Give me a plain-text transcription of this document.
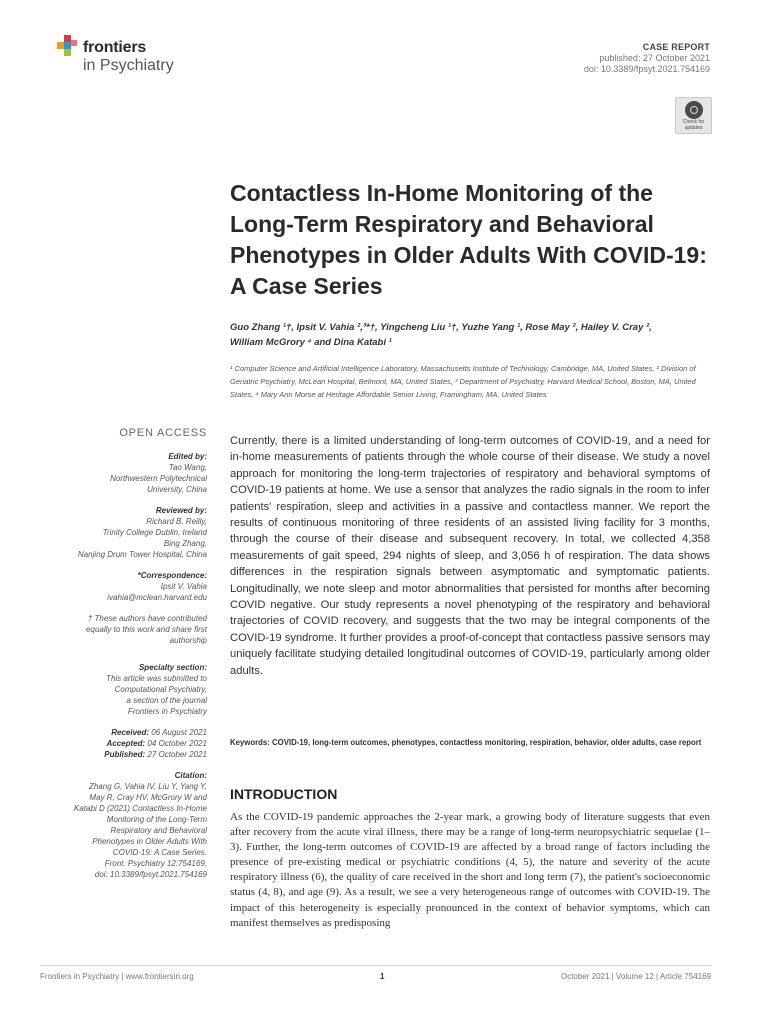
frontiers
in Psychiatry
CASE REPORT
published: 27 October 2021
doi: 10.3389/fpsyt.2021.754169
Check for
updates
Contactless In-Home Monitoring of the Long-Term Respiratory and Behavioral Phenotypes in Older Adults With COVID-19: A Case Series
Guo Zhang ¹†, Ipsit V. Vahia ²,³*†, Yingcheng Liu ¹†, Yuzhe Yang ¹, Rose May ², Hailey V. Cray ²,
William McGrory ⁴ and Dina Katabi ¹
¹ Computer Science and Artificial Intelligence Laboratory, Massachusetts Institute of Technology, Cambridge, MA, United States, ² Division of Geriatric Psychiatry, McLean Hospital, Belmont, MA, United States, ³ Department of Psychiatry, Harvard Medical School, Boston, MA, United States, ⁴ Mary Ann Morse at Heritage Affordable Senior Living, Framingham, MA, United States
OPEN ACCESS
Edited by:
Tao Wang,
Northwestern Polytechnical
University, China
Reviewed by:
Richard B. Reilly,
Trinity College Dublin, Ireland
Bing Zhang,
Nanjing Drum Tower Hospital, China
*Correspondence:
Ipsit V. Vahia
ivahia@mclean.harvard.edu
† These authors have contributed
equally to this work and share first
authorship
Specialty section:
This article was submitted to
Computational Psychiatry,
a section of the journal
Frontiers in Psychiatry
Received: 06 August 2021
Accepted: 04 October 2021
Published: 27 October 2021
Citation:
Zhang G, Vahia IV, Liu Y, Yang Y,
May R, Cray HV, McGrory W and
Katabi D (2021) Contactless In-Home
Monitoring of the Long-Term
Respiratory and Behavioral
Phenotypes in Older Adults With
COVID-19: A Case Series.
Front. Psychiatry 12:754169.
doi: 10.3389/fpsyt.2021.754169

Currently, there is a limited understanding of long-term outcomes of COVID-19, and a need for in-home measurements of patients through the whole course of their disease. We study a novel approach for monitoring the long-term trajectories of respiratory and behavioral symptoms of COVID-19 patients at home. We use a sensor that analyzes the radio signals in the room to infer patients' respiration, sleep and activities in a passive and contactless manner. We report the results of continuous monitoring of three residents of an assisted living facility for 3 months, through the course of their disease and subsequent recovery. In total, we collected 4,358 measurements of gait speed, 294 nights of sleep, and 3,056 h of respiration. The data shows differences in the respiration signals between asymptomatic and symptomatic patients. Longitudinally, we note sleep and motor abnormalities that persisted for months after becoming COVID negative. Our study represents a novel phenotyping of the respiratory and behavioral trajectories of COVID recovery, and suggests that the two may be integral components of the COVID-19 syndrome. It further provides a proof-of-concept that contactless passive sensors may uniquely facilitate studying detailed longitudinal outcomes of COVID-19, particularly among older adults.

Keywords: COVID-19, long-term outcomes, phenotypes, contactless monitoring, respiration, behavior, older adults, case report
INTRODUCTION

As the COVID-19 pandemic approaches the 2-year mark, a growing body of literature suggests that even after recovery from the acute viral illness, there may be a range of long-term neuropsychiatric sequelae (1–3). Further, the long-term outcomes of COVID-19 are affected by a broad range of factors including the presence of pre-existing medical or psychiatric conditions (4, 5), the nature and severity of the acute respiratory illness (6), the quality of care received in the short and long term (7), the patient's socioeconomic status (4, 8), and age (9). As a result, we see a very heterogeneous range of outcomes with COVID-19. The impact of this heterogeneity is especially pronounced in the context of behavior symptoms, which can manifest themselves as predisposing

Frontiers in Psychiatry | www.frontiersin.org	1	October 2021 | Volume 12 | Article 754169
